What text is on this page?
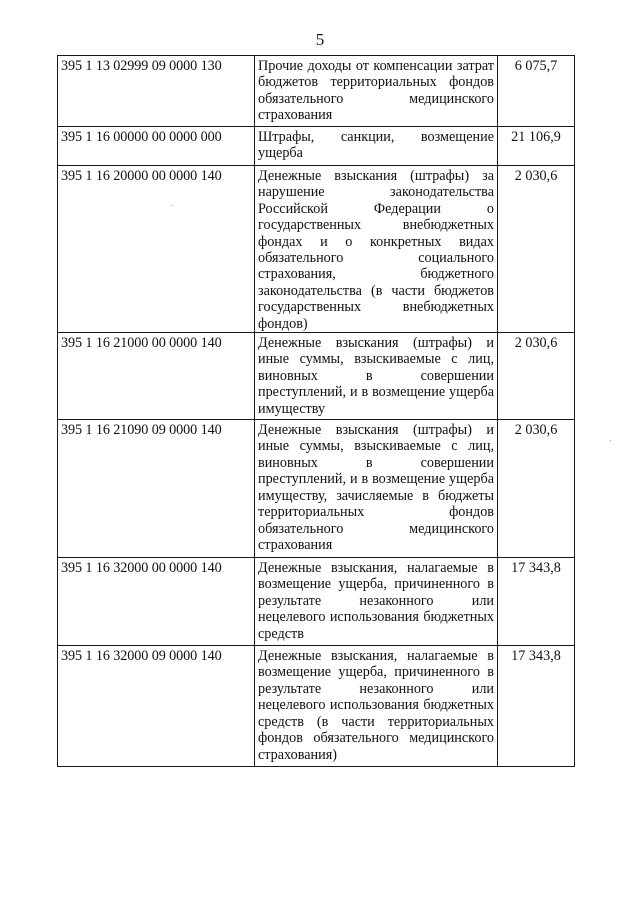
5
395 1 13 02999 09 0000 130	Прочие доходы от компенсации затрат бюджетов территориальных фондов обязательного медицинского страхования	6 075,7
395 1 16 00000 00 0000 000	Штрафы, санкции, возмещение ущерба	21 106,9
395 1 16 20000 00 0000 140	Денежные взыскания (штрафы) за нарушение законодательства Российской Федерации о государственных внебюджетных фондах и о конкретных видах обязательного социального страхования, бюджетного законодательства (в части бюджетов государственных внебюджетных фондов)	2 030,6
395 1 16 21000 00 0000 140	Денежные взыскания (штрафы) и иные суммы, взыскиваемые с лиц, виновных в совершении преступлений, и в возмещение ущерба имуществу	2 030,6
395 1 16 21090 09 0000 140	Денежные взыскания (штрафы) и иные суммы, взыскиваемые с лиц, виновных в совершении преступлений, и в возмещение ущерба имуществу, зачисляемые в бюджеты территориальных фондов обязательного медицинского страхования	2 030,6
395 1 16 32000 00 0000 140	Денежные взыскания, налагаемые в возмещение ущерба, причиненного в результате незаконного или нецелевого использования бюджетных средств	17 343,8
395 1 16 32000 09 0000 140	Денежные взыскания, налагаемые в возмещение ущерба, причиненного в результате незаконного или нецелевого использования бюджетных средств (в части территориальных фондов обязательного медицинского страхования)	17 343,8
